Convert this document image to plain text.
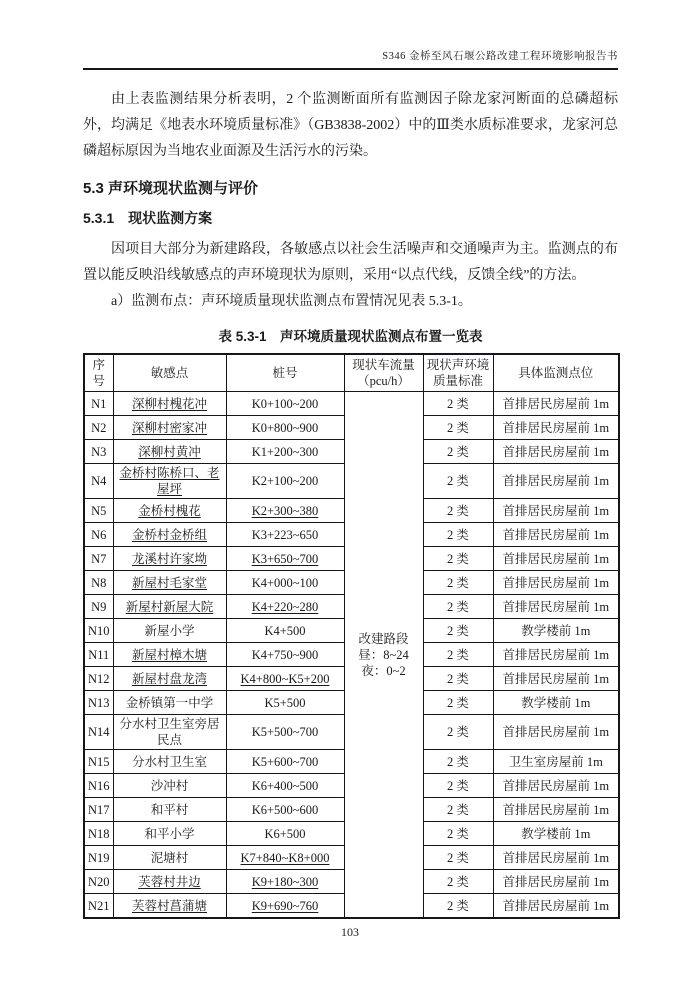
S346 金桥至风石堰公路改建工程环境影响报告书

由上表监测结果分析表明，2 个监测断面所有监测因子除龙家河断面的总磷超标外，均满足《地表水环境质量标准》（GB3838-2002）中的Ⅲ类水质标准要求，龙家河总磷超标原因为当地农业面源及生活污水的污染。

5.3 声环境现状监测与评价
5.3.1　现状监测方案

因项目大部分为新建路段，各敏感点以社会生活噪声和交通噪声为主。监测点的布置以能反映沿线敏感点的声环境现状为原则，采用“以点代线，反馈全线”的方法。

a）监测布点：声环境质量现状监测点布置情况见表 5.3-1。

表 5.3-1　声环境质量现状监测点布置一览表
序号	敏感点	桩号	现状车流量（pcu/h）	现状声环境质量标准	具体监测点位
N1	深柳村槐花冲	K0+100~200	改建路段
昼：8~24
夜：0~2	2 类	首排居民房屋前 1m
N2	深柳村密家冲	K0+800~900		2 类	首排居民房屋前 1m
N3	深柳村黄冲	K1+200~300		2 类	首排居民房屋前 1m
N4	金桥村陈桥口、老屋坪	K2+100~200		2 类	首排居民房屋前 1m
N5	金桥村槐花	K2+300~380		2 类	首排居民房屋前 1m
N6	金桥村金桥组	K3+223~650		2 类	首排居民房屋前 1m
N7	龙溪村许家坳	K3+650~700		2 类	首排居民房屋前 1m
N8	新屋村毛家堂	K4+000~100		2 类	首排居民房屋前 1m
N9	新屋村新屋大院	K4+220~280		2 类	首排居民房屋前 1m
N10	新屋小学	K4+500		2 类	教学楼前 1m
N11	新屋村樟木塘	K4+750~900		2 类	首排居民房屋前 1m
N12	新屋村盘龙湾	K4+800~K5+200		2 类	首排居民房屋前 1m
N13	金桥镇第一中学	K5+500		2 类	教学楼前 1m
N14	分水村卫生室旁居民点	K5+500~700		2 类	首排居民房屋前 1m
N15	分水村卫生室	K5+600~700		2 类	卫生室房屋前 1m
N16	沙冲村	K6+400~500		2 类	首排居民房屋前 1m
N17	和平村	K6+500~600		2 类	首排居民房屋前 1m
N18	和平小学	K6+500		2 类	教学楼前 1m
N19	泥塘村	K7+840~K8+000		2 类	首排居民房屋前 1m
N20	芙蓉村井边	K9+180~300		2 类	首排居民房屋前 1m
N21	芙蓉村菖蒲塘	K9+690~760		2 类	首排居民房屋前 1m
103
